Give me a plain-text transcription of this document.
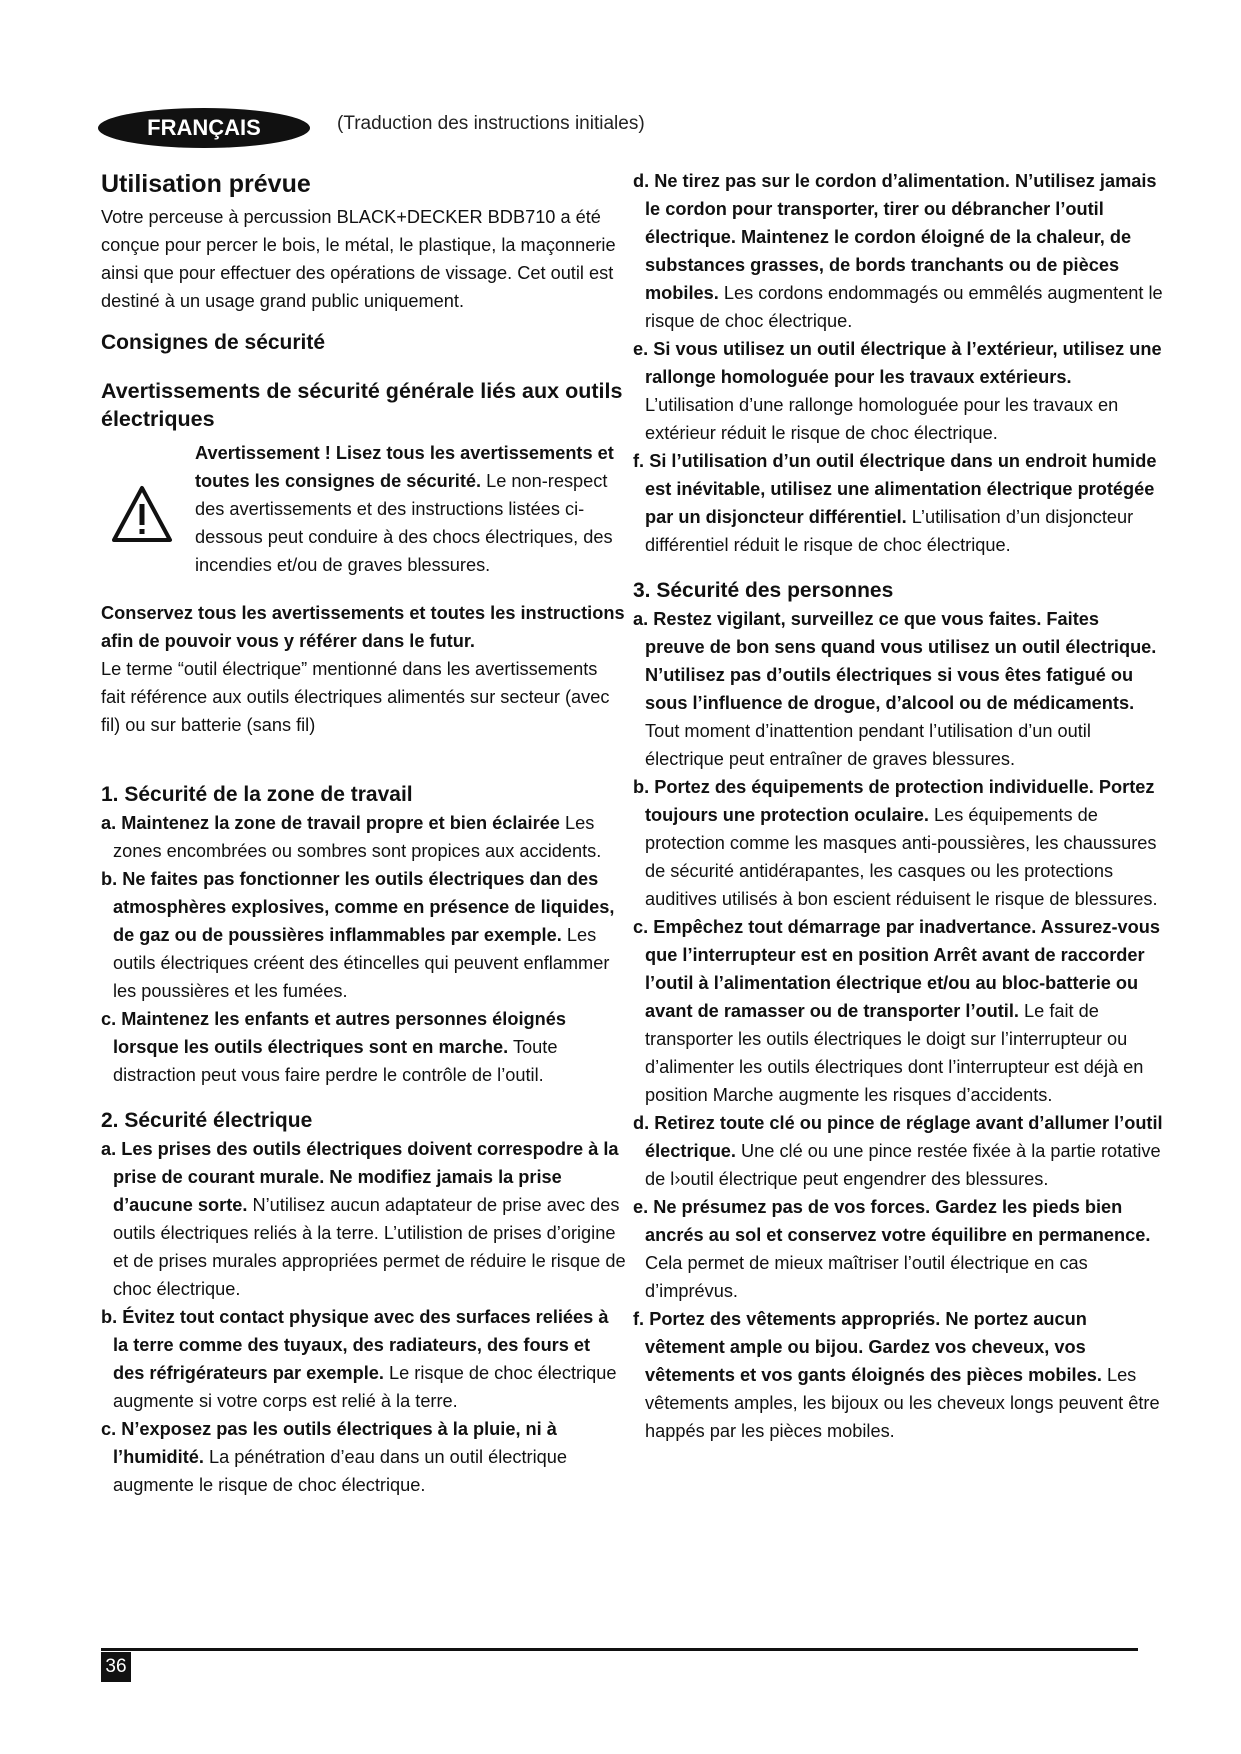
FRANÇAIS	(Traduction des instructions initiales)
Utilisation prévue

Votre perceuse à percussion BLACK+DECKER BDB710 a été conçue pour percer le bois, le métal, le plastique, la maçonnerie ainsi que pour effectuer des opérations de vissage. Cet outil est destiné à un usage grand public uniquement.

Consignes de sécurité
Avertissements de sécurité générale liés aux outils électriques

Avertissement ! Lisez tous les avertissements et toutes les consignes de sécurité. Le non-respect des avertissements et des instructions listées ci-dessous peut conduire à des chocs électriques, des incendies et/ou de graves blessures.

Conservez tous les avertissements et toutes les instructions afin de pouvoir vous y référer dans le futur.

Le terme “outil électrique” mentionné dans les avertissements fait référence aux outils électriques alimentés sur secteur (avec fil) ou sur batterie (sans fil)

1. Sécurité de la zone de travail

a. Maintenez la zone de travail propre et bien éclairée Les zones encombrées ou sombres sont propices aux accidents.

b. Ne faites pas fonctionner les outils électriques dan des atmosphères explosives, comme en présence de liquides, de gaz ou de poussières inflammables par exemple. Les outils électriques créent des étincelles qui peuvent enflammer les poussières et les fumées.

c. Maintenez les enfants et autres personnes éloignés lorsque les outils électriques sont en marche. Toute distraction peut vous faire perdre le contrôle de l’outil.

2. Sécurité électrique

a. Les prises des outils électriques doivent correspodre à la prise de courant murale. Ne modifiez jamais la prise d’aucune sorte. N’utilisez aucun adaptateur de prise avec des outils électriques reliés à la terre. L’utilistion de prises d’origine et de prises murales appropriées permet de réduire le risque de choc électrique.

b. Évitez tout contact physique avec des surfaces reliées à la terre comme des tuyaux, des radiateurs, des fours et des réfrigérateurs par exemple. Le risque de choc électrique augmente si votre corps est relié à la terre.

c. N’exposez pas les outils électriques à la pluie, ni à l’humidité. La pénétration d’eau dans un outil électrique augmente le risque de choc électrique.

d. Ne tirez pas sur le cordon d’alimentation. N’utilisez jamais le cordon pour transporter, tirer ou débrancher l’outil électrique. Maintenez le cordon éloigné de la chaleur, de substances grasses, de bords tranchants ou de pièces mobiles. Les cordons endommagés ou emmêlés augmentent le risque de choc électrique.

e. Si vous utilisez un outil électrique à l’extérieur, utilisez une rallonge homologuée pour les travaux extérieurs. L’utilisation d’une rallonge homologuée pour les travaux en extérieur réduit le risque de choc électrique.

f. Si l’utilisation d’un outil électrique dans un endroit humide est inévitable, utilisez une alimentation électrique protégée par un disjoncteur différentiel. L’utilisation d’un disjoncteur différentiel réduit le risque de choc électrique.

3. Sécurité des personnes

a. Restez vigilant, surveillez ce que vous faites. Faites preuve de bon sens quand vous utilisez un outil électrique. N’utilisez pas d’outils électriques si vous êtes fatigué ou sous l’influence de drogue, d’alcool ou de médicaments. Tout moment d’inattention pendant l’utilisation d’un outil électrique peut entraîner de graves blessures.

b. Portez des équipements de protection individuelle. Portez toujours une protection oculaire. Les équipements de protection comme les masques anti-poussières, les chaussures de sécurité antidérapantes, les casques ou les protections auditives utilisés à bon escient réduisent le risque de blessures.

c. Empêchez tout démarrage par inadvertance. Assurez-vous que l’interrupteur est en position Arrêt avant de raccorder l’outil à l’alimentation électrique et/ou au bloc-batterie ou avant de ramasser ou de transporter l’outil. Le fait de transporter les outils électriques le doigt sur l’interrupteur ou d’alimenter les outils électriques dont l’interrupteur est déjà en position Marche augmente les risques d’accidents.

d. Retirez toute clé ou pince de réglage avant d’allumer l’outil électrique. Une clé ou une pince restée fixée à la partie rotative de l›outil électrique peut engendrer des blessures.

e. Ne présumez pas de vos forces. Gardez les pieds bien ancrés au sol et conservez votre équilibre en permanence. Cela permet de mieux maîtriser l’outil électrique en cas d’imprévus.

f. Portez des vêtements appropriés. Ne portez aucun vêtement ample ou bijou. Gardez vos cheveux, vos vêtements et vos gants éloignés des pièces mobiles. Les vêtements amples, les bijoux ou les cheveux longs peuvent être happés par les pièces mobiles.

36
